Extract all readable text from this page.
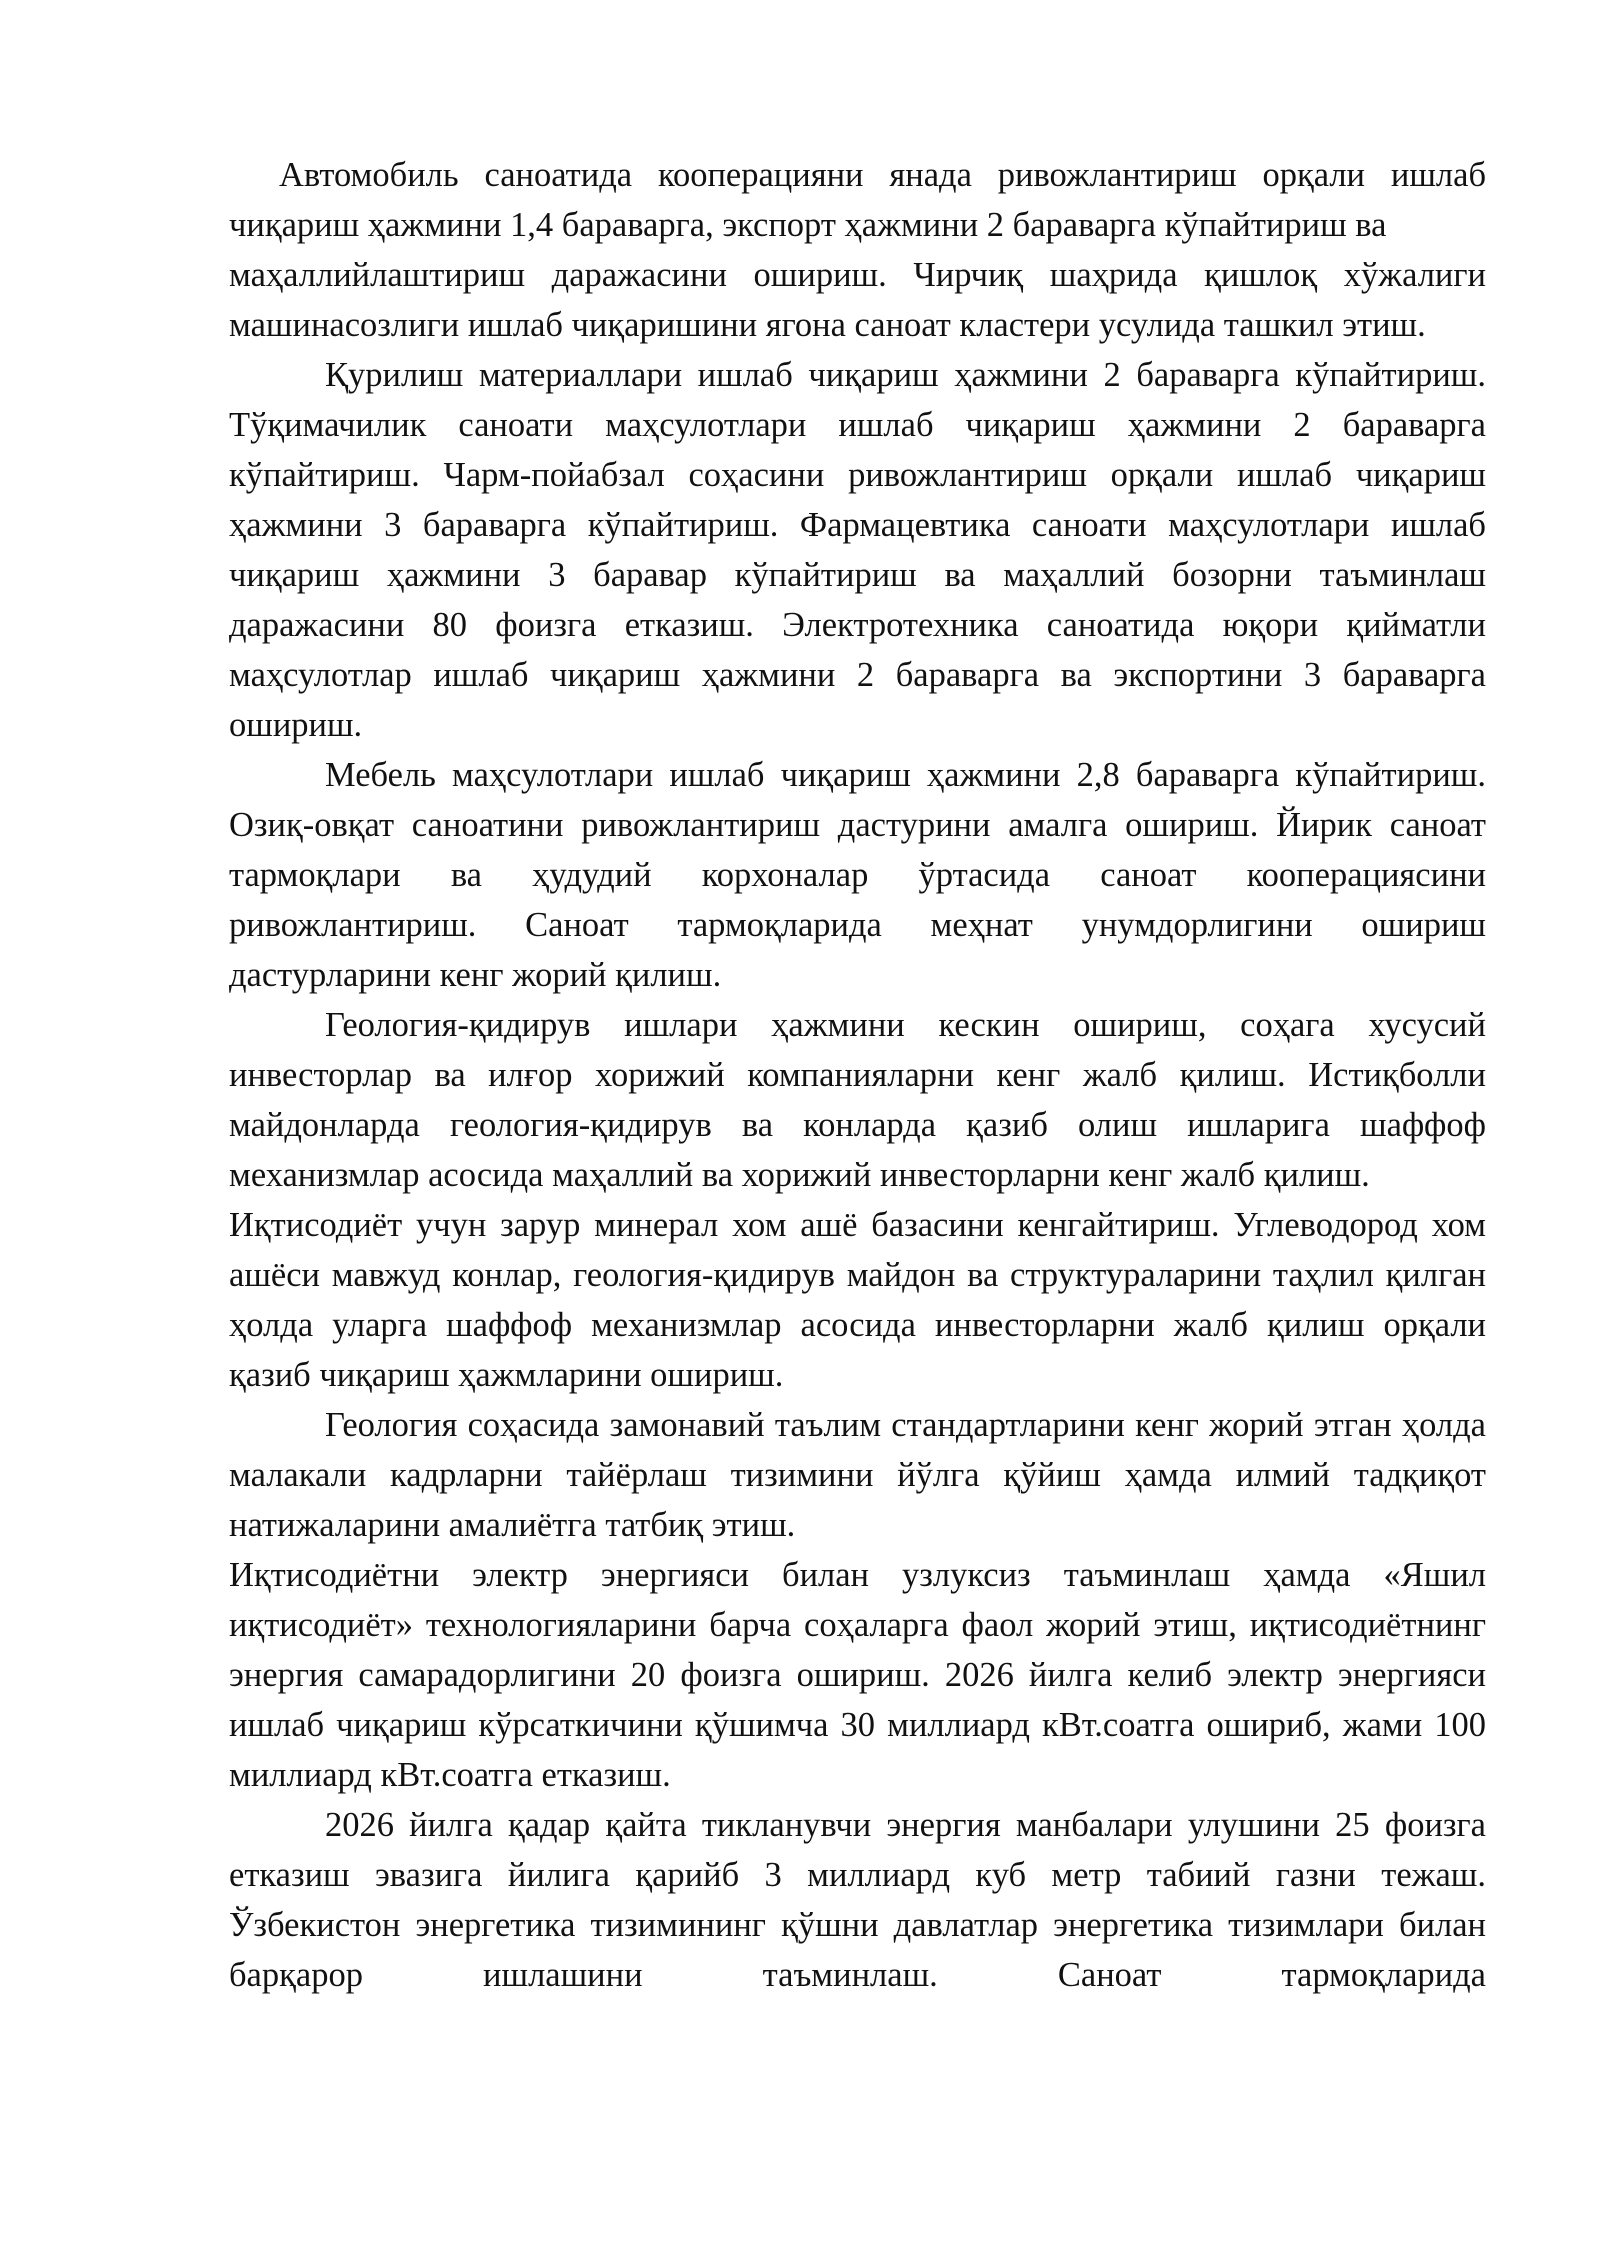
Автомобиль саноатида кооперацияни янада ривожлантириш орқали ишлаб чиқариш ҳажмини 1,4 бараварга, экспорт ҳажмини 2 бараварга кўпайтириш ва

маҳаллийлаштириш даражасини ошириш. Чирчиқ шаҳрида қишлоқ хўжалиги машинасозлиги ишлаб чиқаришини ягона саноат кластери усулида ташкил этиш.

Қурилиш материаллари ишлаб чиқариш ҳажмини 2 бараварга кўпайтириш. Тўқимачилик саноати маҳсулотлари ишлаб чиқариш ҳажмини 2 бараварга кўпайтириш. Чарм-пойабзал соҳасини ривожлантириш орқали ишлаб чиқариш ҳажмини 3 бараварга кўпайтириш. Фармацевтика саноати маҳсулотлари ишлаб чиқариш ҳажмини 3 баравар кўпайтириш ва маҳаллий бозорни таъминлаш даражасини 80 фоизга етказиш. Электротехника саноатида юқори қийматли маҳсулотлар ишлаб чиқариш ҳажмини 2 бараварга ва экспортини 3 бараварга ошириш.

Мебель маҳсулотлари ишлаб чиқариш ҳажмини 2,8 бараварга кўпайтириш. Озиқ-овқат саноатини ривожлантириш дастурини амалга ошириш. Йирик саноат тармоқлари ва ҳудудий корхоналар ўртасида саноат кооперациясини ривожлантириш. Саноат тармоқларида меҳнат унумдорлигини ошириш дастурларини кенг жорий қилиш.

Геология-қидирув ишлари ҳажмини кескин ошириш, соҳага хусусий инвесторлар ва илғор хорижий компанияларни кенг жалб қилиш. Истиқболли майдонларда геология-қидирув ва конларда қазиб олиш ишларига шаффоф механизмлар асосида маҳаллий ва хорижий инвесторларни кенг жалб қилиш.

Иқтисодиёт учун зарур минерал хом ашё базасини кенгайтириш. Углеводород хом ашёси мавжуд конлар, геология-қидирув майдон ва структураларини таҳлил қилган ҳолда уларга шаффоф механизмлар асосида инвесторларни жалб қилиш орқали қазиб чиқариш ҳажмларини ошириш.

Геология соҳасида замонавий таълим стандартларини кенг жорий этган ҳолда малакали кадрларни тайёрлаш тизимини йўлга қўйиш ҳамда илмий тадқиқот натижаларини амалиётга татбиқ этиш.

Иқтисодиётни электр энергияси билан узлуксиз таъминлаш ҳамда «Яшил иқтисодиёт» технологияларини барча соҳаларга фаол жорий этиш, иқтисодиётнинг энергия самарадорлигини 20 фоизга ошириш. 2026 йилга келиб электр энергияси ишлаб чиқариш кўрсаткичини қўшимча 30 миллиард кВт.соатга ошириб, жами 100 миллиард кВт.соатга етказиш.

2026 йилга қадар қайта тикланувчи энергия манбалари улушини 25 фоизга етказиш эвазига йилига қарийб 3 миллиард куб метр табиий газни тежаш. Ўзбекистон энергетика тизимининг қўшни давлатлар энергетика тизимлари билан барқарор ишлашини таъминлаш. Саноат тармоқларида
